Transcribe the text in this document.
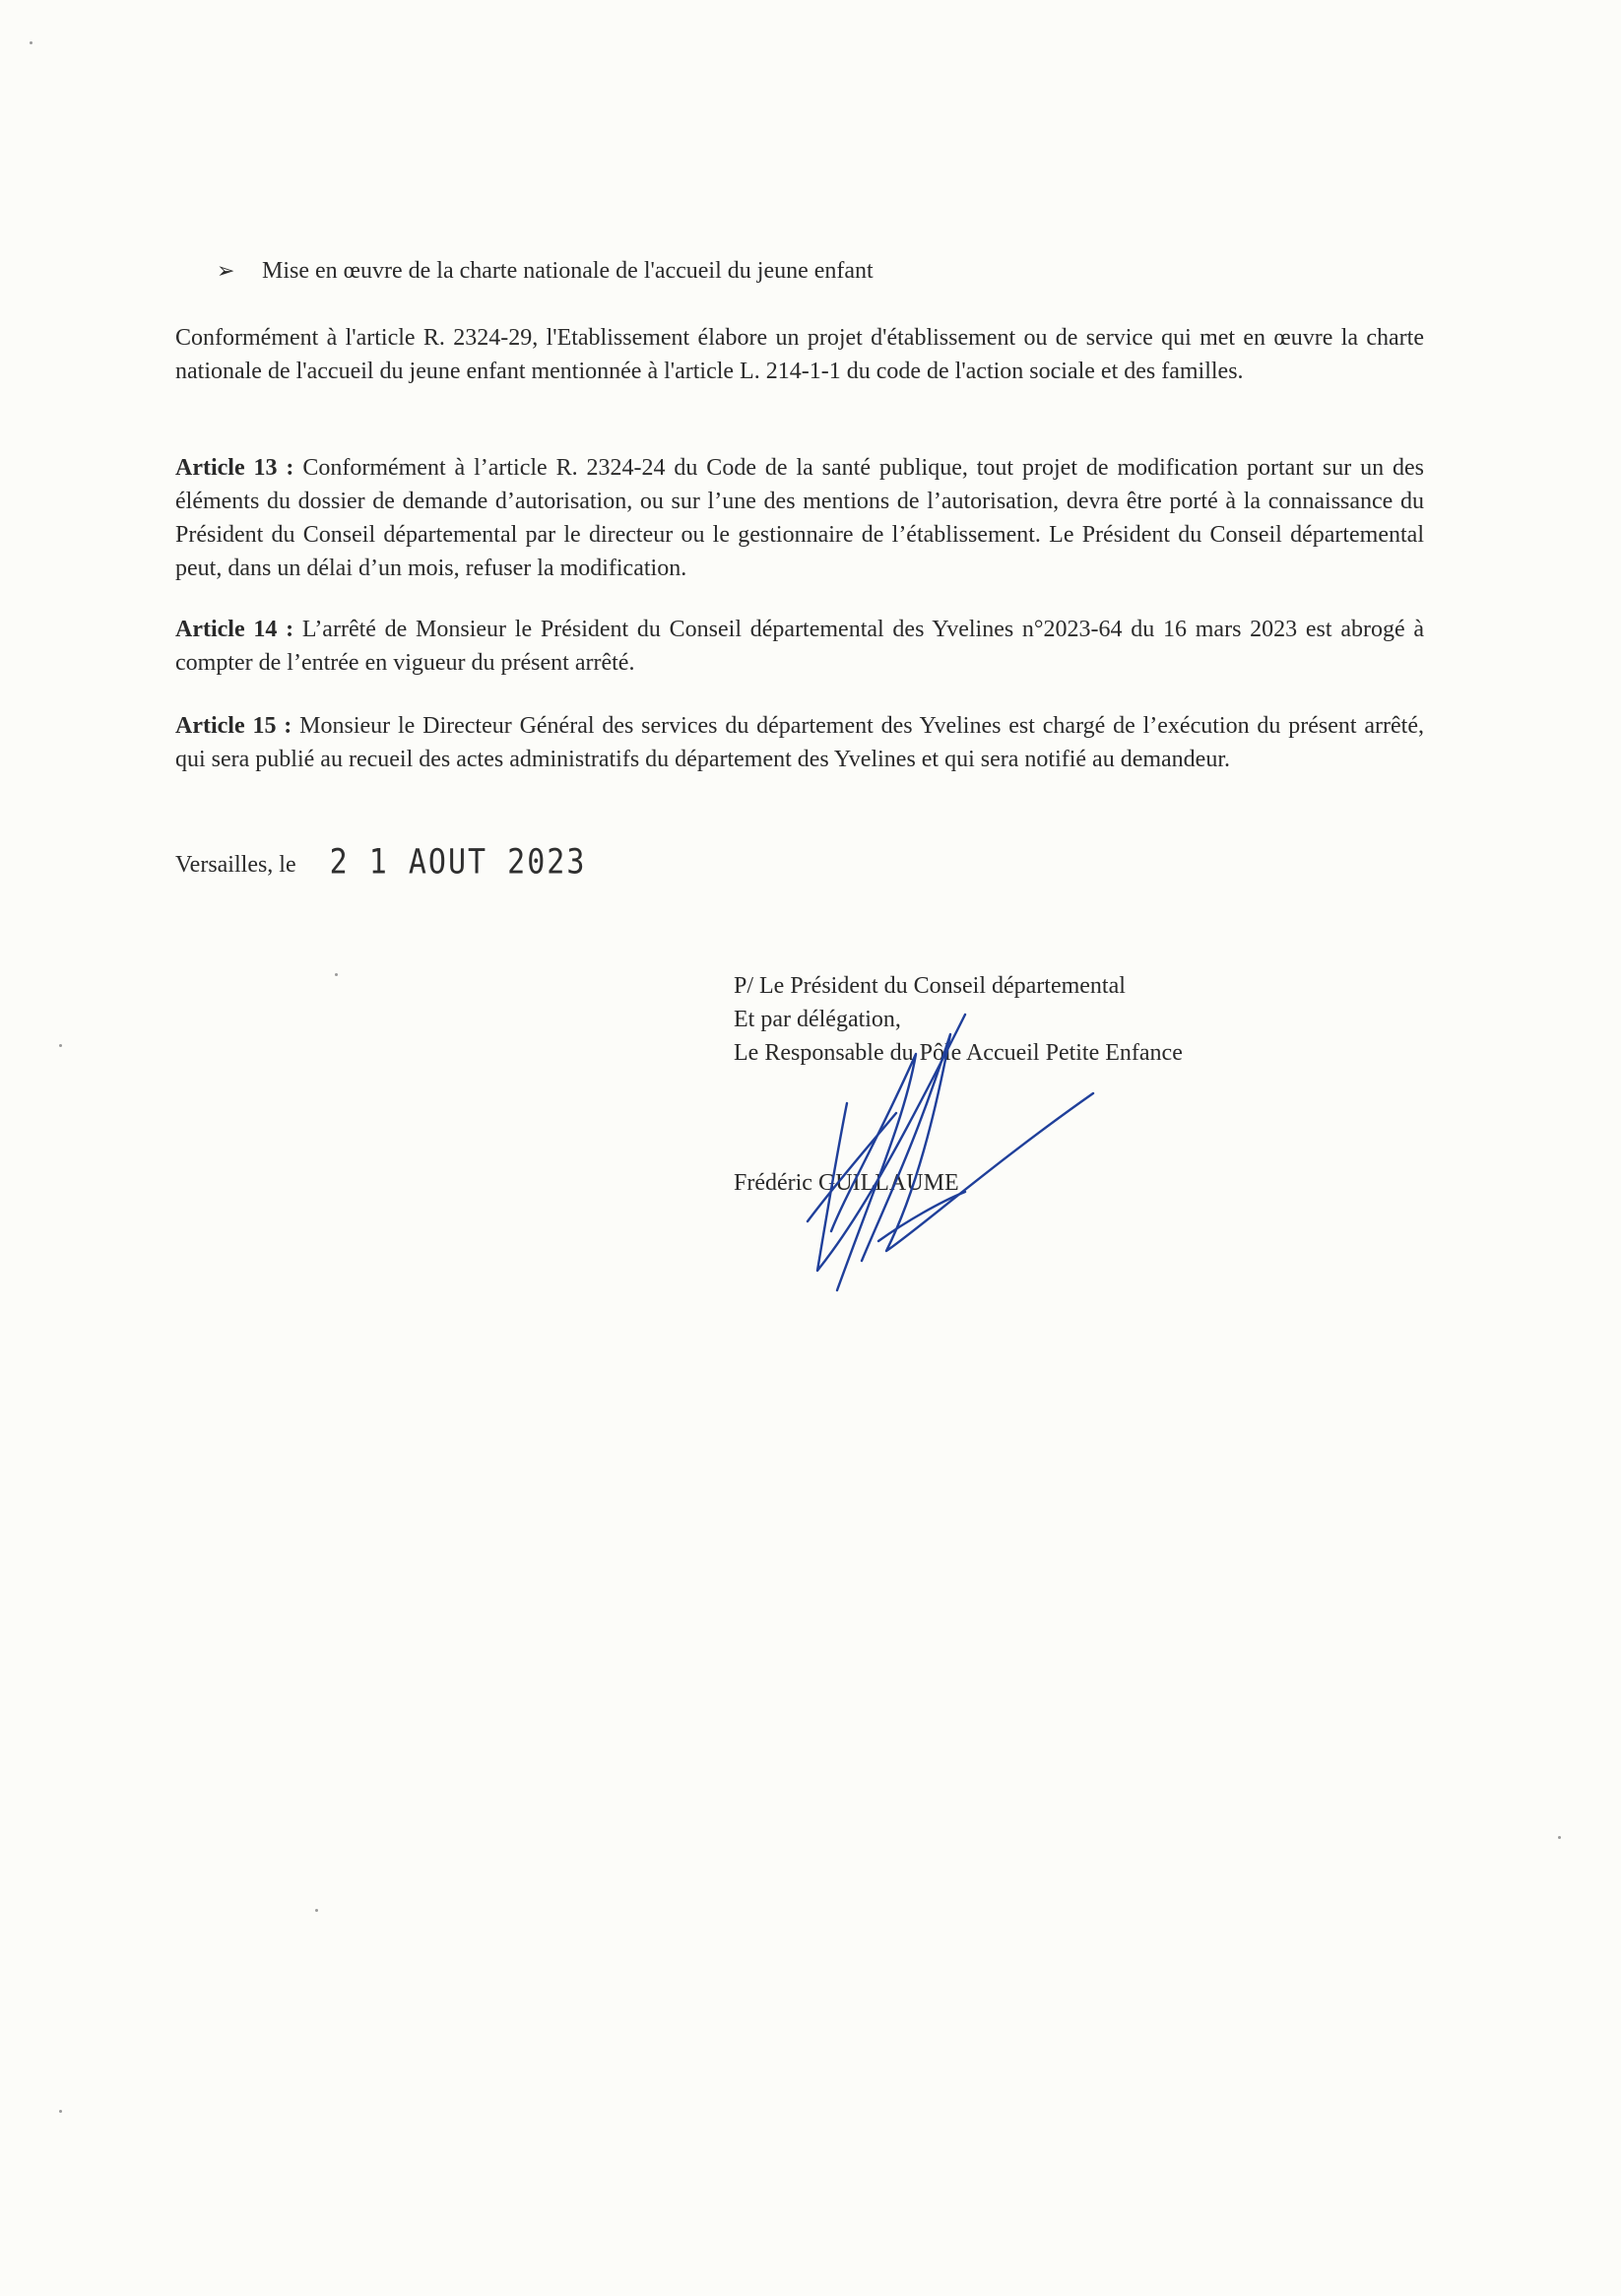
➢ Mise en œuvre de la charte nationale de l'accueil du jeune enfant
Conformément à l'article R. 2324-29, l'Etablissement élabore un projet d'établissement ou de service qui met en œuvre la charte nationale de l'accueil du jeune enfant mentionnée à l'article L. 214-1-1 du code de l'action sociale et des familles.
Article 13 : Conformément à l’article R. 2324-24 du Code de la santé publique, tout projet de modification portant sur un des éléments du dossier de demande d’autorisation, ou sur l’une des mentions de l’autorisation, devra être porté à la connaissance du Président du Conseil départemental par le directeur ou le gestionnaire de l’établissement. Le Président du Conseil départemental peut, dans un délai d’un mois, refuser la modification.
Article 14 : L’arrêté de Monsieur le Président du Conseil départemental des Yvelines n°2023-64 du 16 mars 2023 est abrogé à compter de l’entrée en vigueur du présent arrêté.
Article 15 : Monsieur le Directeur Général des services du département des Yvelines est chargé de l’exécution du présent arrêté, qui sera publié au recueil des actes administratifs du département des Yvelines et qui sera notifié au demandeur.
Versailles, le 2 1 AOUT 2023
P/ Le Président du Conseil départemental
Et par délégation,
Le Responsable du Pôle Accueil Petite Enfance
Frédéric GUILLAUME
